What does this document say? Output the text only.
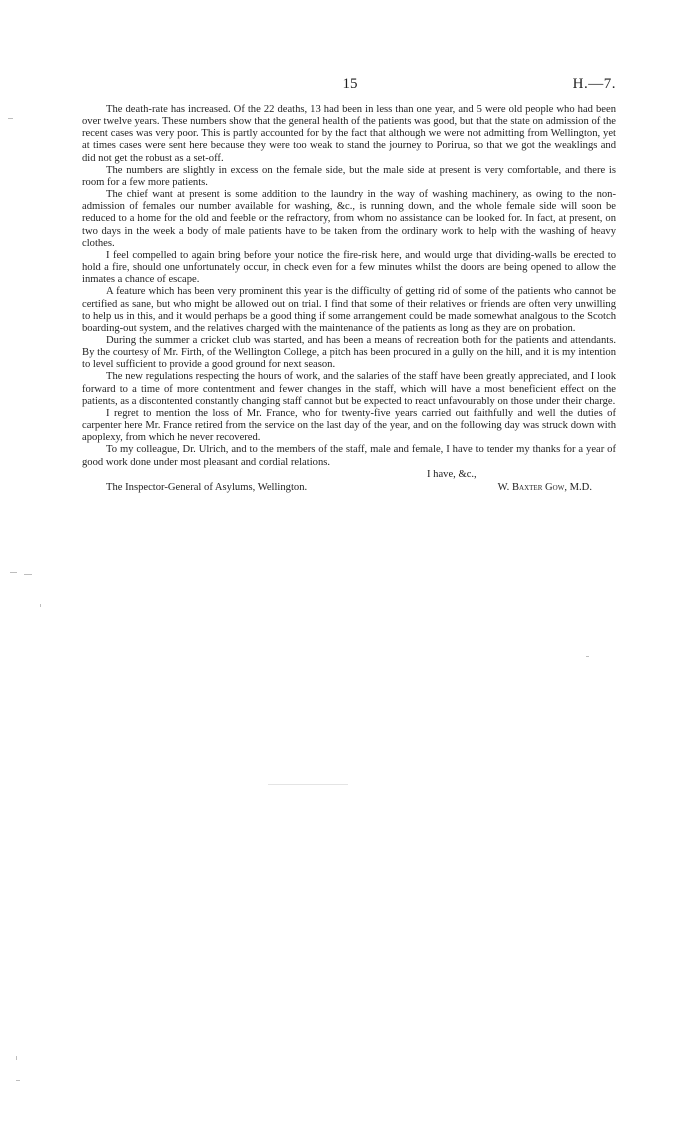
15	H.—7.

The death-rate has increased. Of the 22 deaths, 13 had been in less than one year, and 5 were old people who had been over twelve years. These numbers show that the general health of the patients was good, but that the state on admission of the recent cases was very poor. This is partly accounted for by the fact that although we were not admitting from Wellington, yet at times cases were sent here because they were too weak to stand the journey to Porirua, so that we got the weaklings and did not get the robust as a set-off.

The numbers are slightly in excess on the female side, but the male side at present is very comfortable, and there is room for a few more patients.

The chief want at present is some addition to the laundry in the way of washing machinery, as owing to the non-admission of females our number available for washing, &c., is running down, and the whole female side will soon be reduced to a home for the old and feeble or the refractory, from whom no assistance can be looked for. In fact, at present, on two days in the week a body of male patients have to be taken from the ordinary work to help with the washing of heavy clothes.

I feel compelled to again bring before your notice the fire-risk here, and would urge that dividing-walls be erected to hold a fire, should one unfortunately occur, in check even for a few minutes whilst the doors are being opened to allow the inmates a chance of escape.

A feature which has been very prominent this year is the difficulty of getting rid of some of the patients who cannot be certified as sane, but who might be allowed out on trial. I find that some of their relatives or friends are often very unwilling to help us in this, and it would perhaps be a good thing if some arrangement could be made somewhat analgous to the Scotch boarding-out system, and the relatives charged with the maintenance of the patients as long as they are on probation.

During the summer a cricket club was started, and has been a means of recreation both for the patients and attendants. By the courtesy of Mr. Firth, of the Wellington College, a pitch has been procured in a gully on the hill, and it is my intention to level sufficient to provide a good ground for next season.

The new regulations respecting the hours of work, and the salaries of the staff have been greatly appreciated, and I look forward to a time of more contentment and fewer changes in the staff, which will have a most beneficient effect on the patients, as a discontented constantly changing staff cannot but be expected to react unfavourably on those under their charge.

I regret to mention the loss of Mr. France, who for twenty-five years carried out faithfully and well the duties of carpenter here Mr. France retired from the service on the last day of the year, and on the following day was struck down with apoplexy, from which he never recovered.

To my colleague, Dr. Ulrich, and to the members of the staff, male and female, I have to tender my thanks for a year of good work done under most pleasant and cordial relations.

I have, &c.,

The Inspector-General of Asylums, Wellington.	W. Baxter Gow, M.D.
